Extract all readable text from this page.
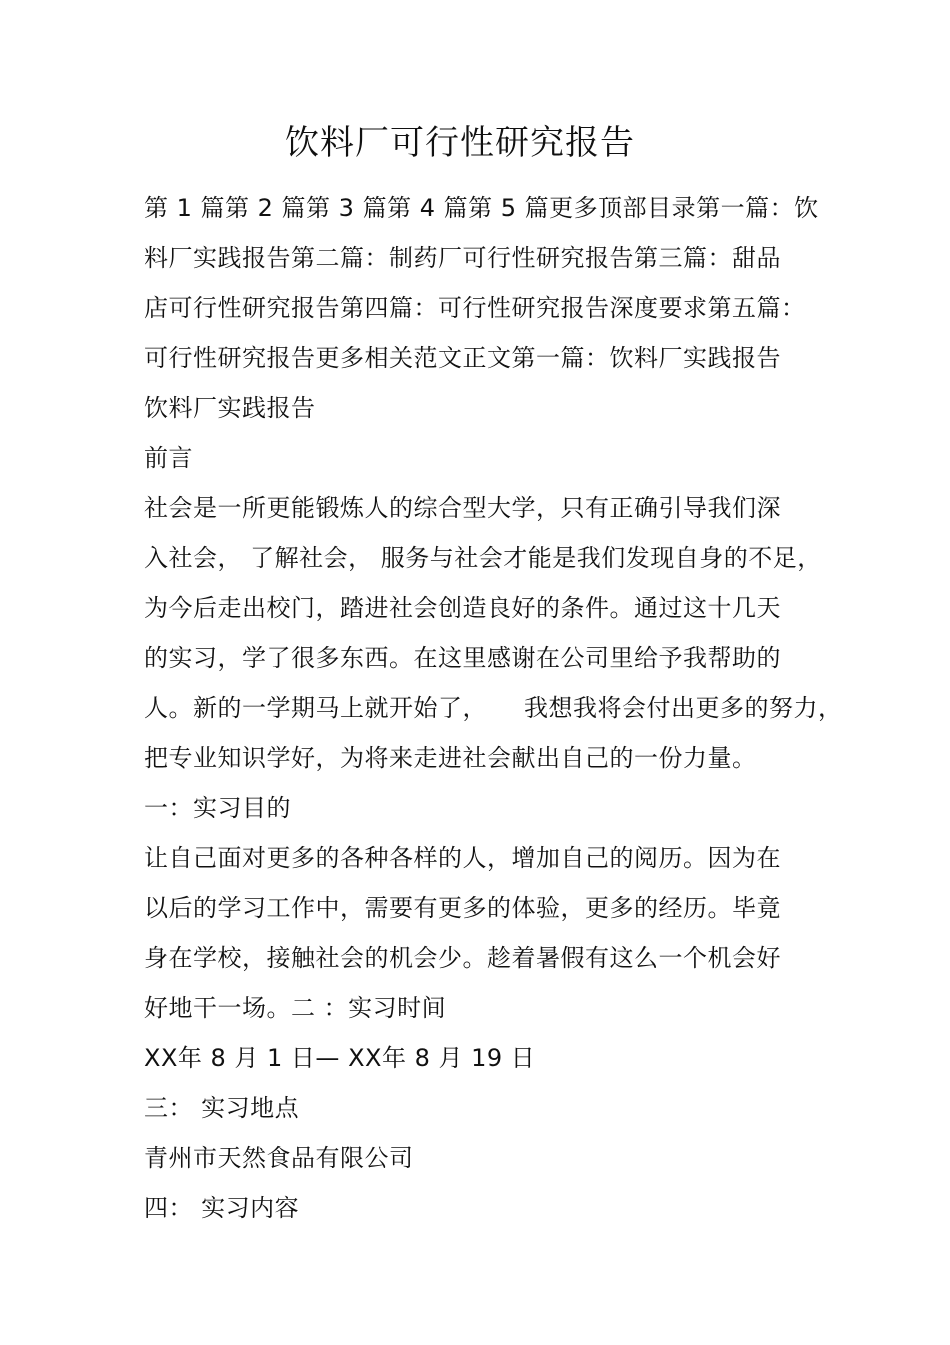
饮料厂可行性研究报告
第 1 篇第 2 篇第 3 篇第 4 篇第 5 篇更多顶部目录第一篇：饮
料厂实践报告第二篇：制药厂可行性研究报告第三篇：甜品
店可行性研究报告第四篇：可行性研究报告深度要求第五篇：
可行性研究报告更多相关范文正文第一篇：饮料厂实践报告
饮料厂实践报告
前言
社会是一所更能锻炼人的综合型大学，只有正确引导我们深
入社会， 了解社会， 服务与社会才能是我们发现自身的不足，
为今后走出校门，踏进社会创造良好的条件。通过这十几天
的实习，学了很多东西。在这里感谢在公司里给予我帮助的
人。新的一学期马上就开始了，　　我想我将会付出更多的努力，
把专业知识学好，为将来走进社会献出自己的一份力量。
一：实习目的
让自己面对更多的各种各样的人，增加自己的阅历。因为在
以后的学习工作中，需要有更多的体验，更多的经历。毕竟
身在学校，接触社会的机会少。趁着暑假有这么一个机会好
好地干一场。二 ：实习时间
XX年 8 月 1 日— XX年 8 月 19 日
三： 实习地点
青州市天然食品有限公司
四： 实习内容
